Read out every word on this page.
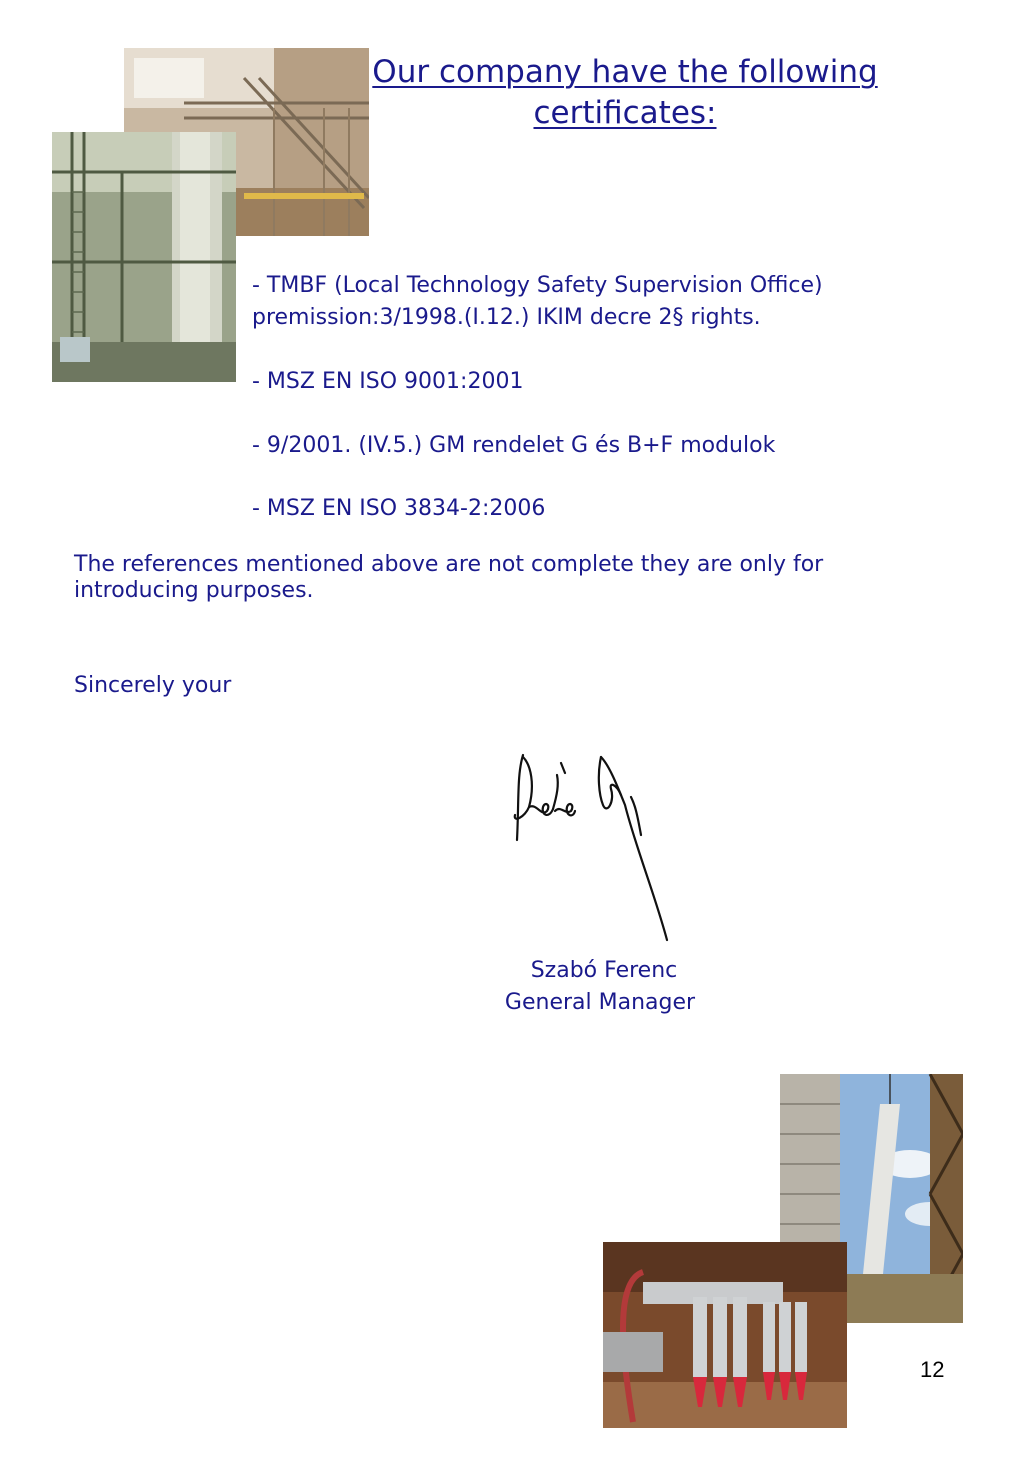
Our company have the following certificates:
- TMBF (Local Technology Safety Supervision Office)
premission:3/1998.(I.12.) IKIM decre 2§ rights.
- MSZ EN ISO 9001:2001
- 9/2001. (IV.5.) GM rendelet G és B+F modulok
- MSZ EN ISO 3834-2:2006
The references mentioned above are not complete they are only for introducing purposes.
Sincerely your
Szabó Ferenc
General Manager
12
